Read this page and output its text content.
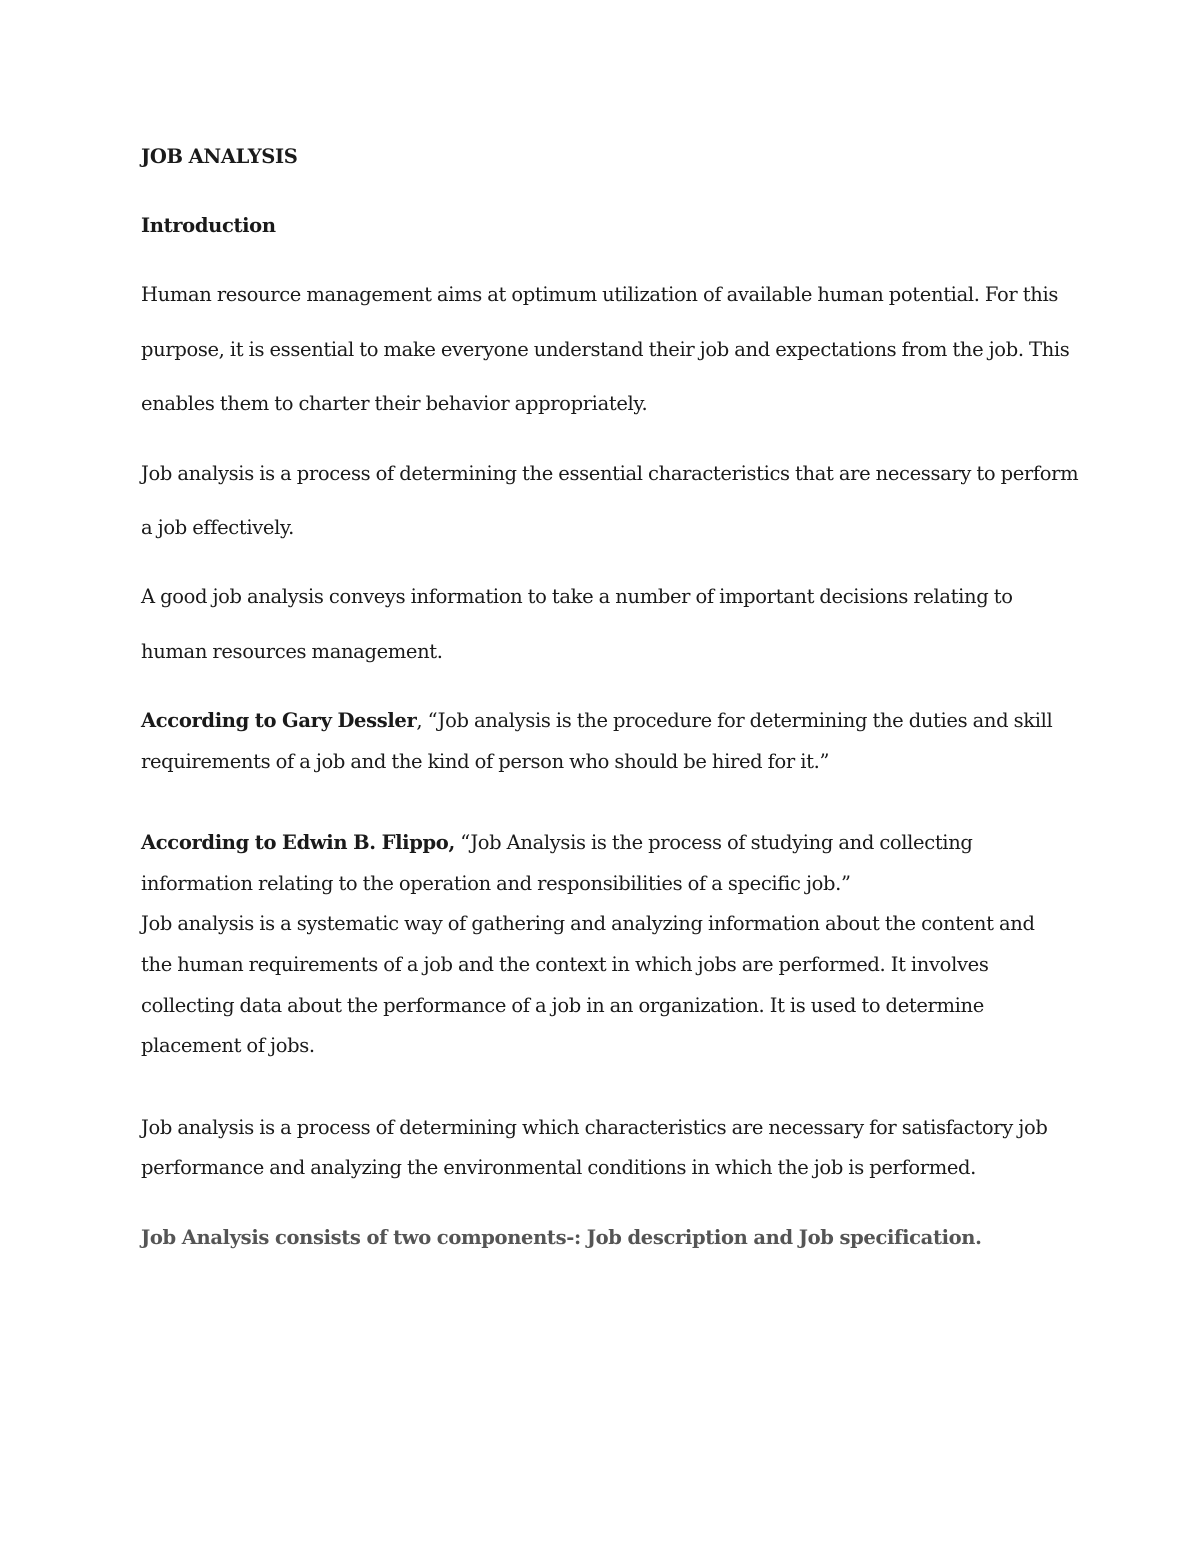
JOB ANALYSIS
Introduction
Human resource management aims at optimum utilization of available human potential. For this
purpose, it is essential to make everyone understand their job and expectations from the job. This
enables them to charter their behavior appropriately.
Job analysis is a process of determining the essential characteristics that are necessary to perform
a job effectively.
A good job analysis conveys information to take a number of important decisions relating to
human resources management.
According to Gary Dessler, “Job analysis is the procedure for determining the duties and skill
requirements of a job and the kind of person who should be hired for it.”
According to Edwin B. Flippo, “Job Analysis is the process of studying and collecting
information relating to the operation and responsibilities of a specific job.”
Job analysis is a systematic way of gathering and analyzing information about the content and
the human requirements of a job and the context in which jobs are performed. It involves
collecting data about the performance of a job in an organization. It is used to determine
placement of jobs.
Job analysis is a process of determining which characteristics are necessary for satisfactory job
performance and analyzing the environmental conditions in which the job is performed.
Job Analysis consists of two components-: Job description and Job specification.
